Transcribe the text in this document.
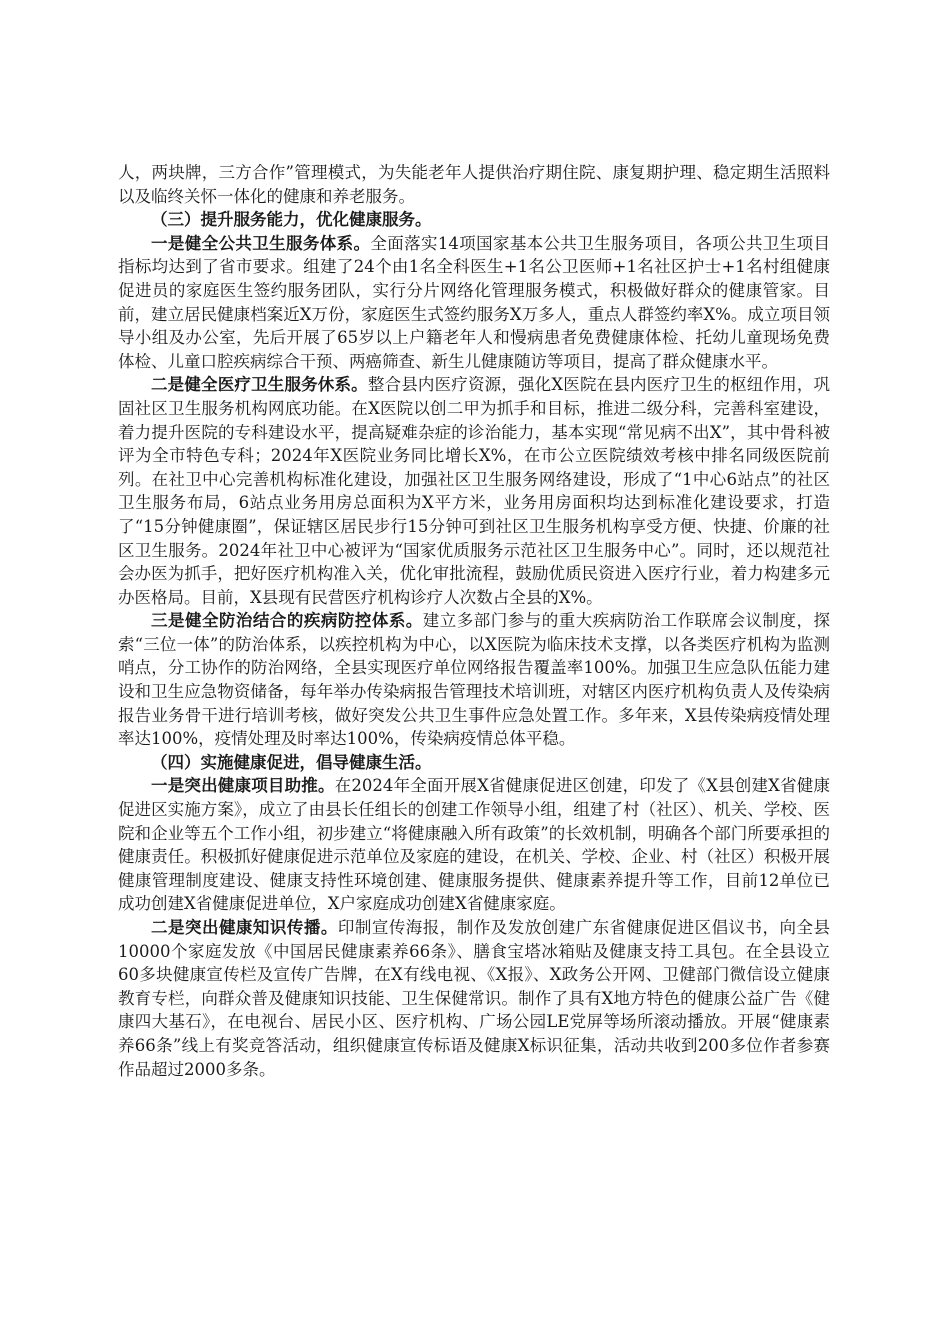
人，两块牌，三方合作”管理模式，为失能老年人提供治疗期住院、康复期护理、稳定期生活照料以及临终关怀一体化的健康和养老服务。

（三）提升服务能力，优化健康服务。

一是健全公共卫生服务体系。全面落实14项国家基本公共卫生服务项目，各项公共卫生项目指标均达到了省市要求。组建了24个由1名全科医生+1名公卫医师+1名社区护士+1名村组健康促进员的家庭医生签约服务团队，实行分片网络化管理服务模式，积极做好群众的健康管家。目前，建立居民健康档案近X万份，家庭医生式签约服务X万多人，重点人群签约率X%。成立项目领导小组及办公室，先后开展了65岁以上户籍老年人和慢病患者免费健康体检、托幼儿童现场免费体检、儿童口腔疾病综合干预、两癌筛查、新生儿健康随访等项目，提高了群众健康水平。

二是健全医疗卫生服务休系。整合县内医疗资源，强化X医院在县内医疗卫生的枢纽作用，巩固社区卫生服务机构网底功能。在X医院以创二甲为抓手和目标，推进二级分科，完善科室建设，着力提升医院的专科建设水平，提高疑难杂症的诊治能力，基本实现“常见病不出X”，其中骨科被评为全市特色专科；2024年X医院业务同比增长X%，在市公立医院绩效考核中排名同级医院前列。在社卫中心完善机构标准化建设，加强社区卫生服务网络建设，形成了“1中心6站点”的社区卫生服务布局，6站点业务用房总面积为X平方米，业务用房面积均达到标准化建设要求，打造了“15分钟健康圈”，保证辖区居民步行15分钟可到社区卫生服务机构享受方便、快捷、价廉的社区卫生服务。2024年社卫中心被评为“国家优质服务示范社区卫生服务中心”。同时，还以规范社会办医为抓手，把好医疗机构准入关，优化审批流程，鼓励优质民资进入医疗行业，着力构建多元办医格局。目前，X县现有民营医疗机构诊疗人次数占全县的X%。

三是健全防治结合的疾病防控体系。建立多部门参与的重大疾病防治工作联席会议制度，探索“三位一体”的防治体系，以疾控机构为中心，以X医院为临床技术支撑，以各类医疗机构为监测哨点，分工协作的防治网络，全县实现医疗单位网络报告覆盖率100%。加强卫生应急队伍能力建设和卫生应急物资储备，每年举办传染病报告管理技术培训班，对辖区内医疗机构负责人及传染病报告业务骨干进行培训考核，做好突发公共卫生事件应急处置工作。多年来，X县传染病疫情处理率达100%，疫情处理及时率达100%，传染病疫情总体平稳。

（四）实施健康促进，倡导健康生活。

一是突出健康项目助推。在2024年全面开展X省健康促进区创建，印发了《X县创建X省健康促进区实施方案》，成立了由县长任组长的创建工作领导小组，组建了村（社区）、机关、学校、医院和企业等五个工作小组，初步建立“将健康融入所有政策”的长效机制，明确各个部门所要承担的健康责任。积极抓好健康促进示范单位及家庭的建设，在机关、学校、企业、村（社区）积极开展健康管理制度建设、健康支持性环境创建、健康服务提供、健康素养提升等工作，目前12单位已成功创建X省健康促进单位，X户家庭成功创建X省健康家庭。

二是突出健康知识传播。印制宣传海报，制作及发放创建广东省健康促进区倡议书，向全县10000个家庭发放《中国居民健康素养66条》、膳食宝塔冰箱贴及健康支持工具包。在全县设立60多块健康宣传栏及宣传广告牌，在X有线电视、《X报》、X政务公开网、卫健部门微信设立健康教育专栏，向群众普及健康知识技能、卫生保健常识。制作了具有X地方特色的健康公益广告《健康四大基石》，在电视台、居民小区、医疗机构、广场公园LE党屏等场所滚动播放。开展“健康素养66条”线上有奖竞答活动，组织健康宣传标语及健康X标识征集，活动共收到200多位作者参赛作品超过2000多条。
